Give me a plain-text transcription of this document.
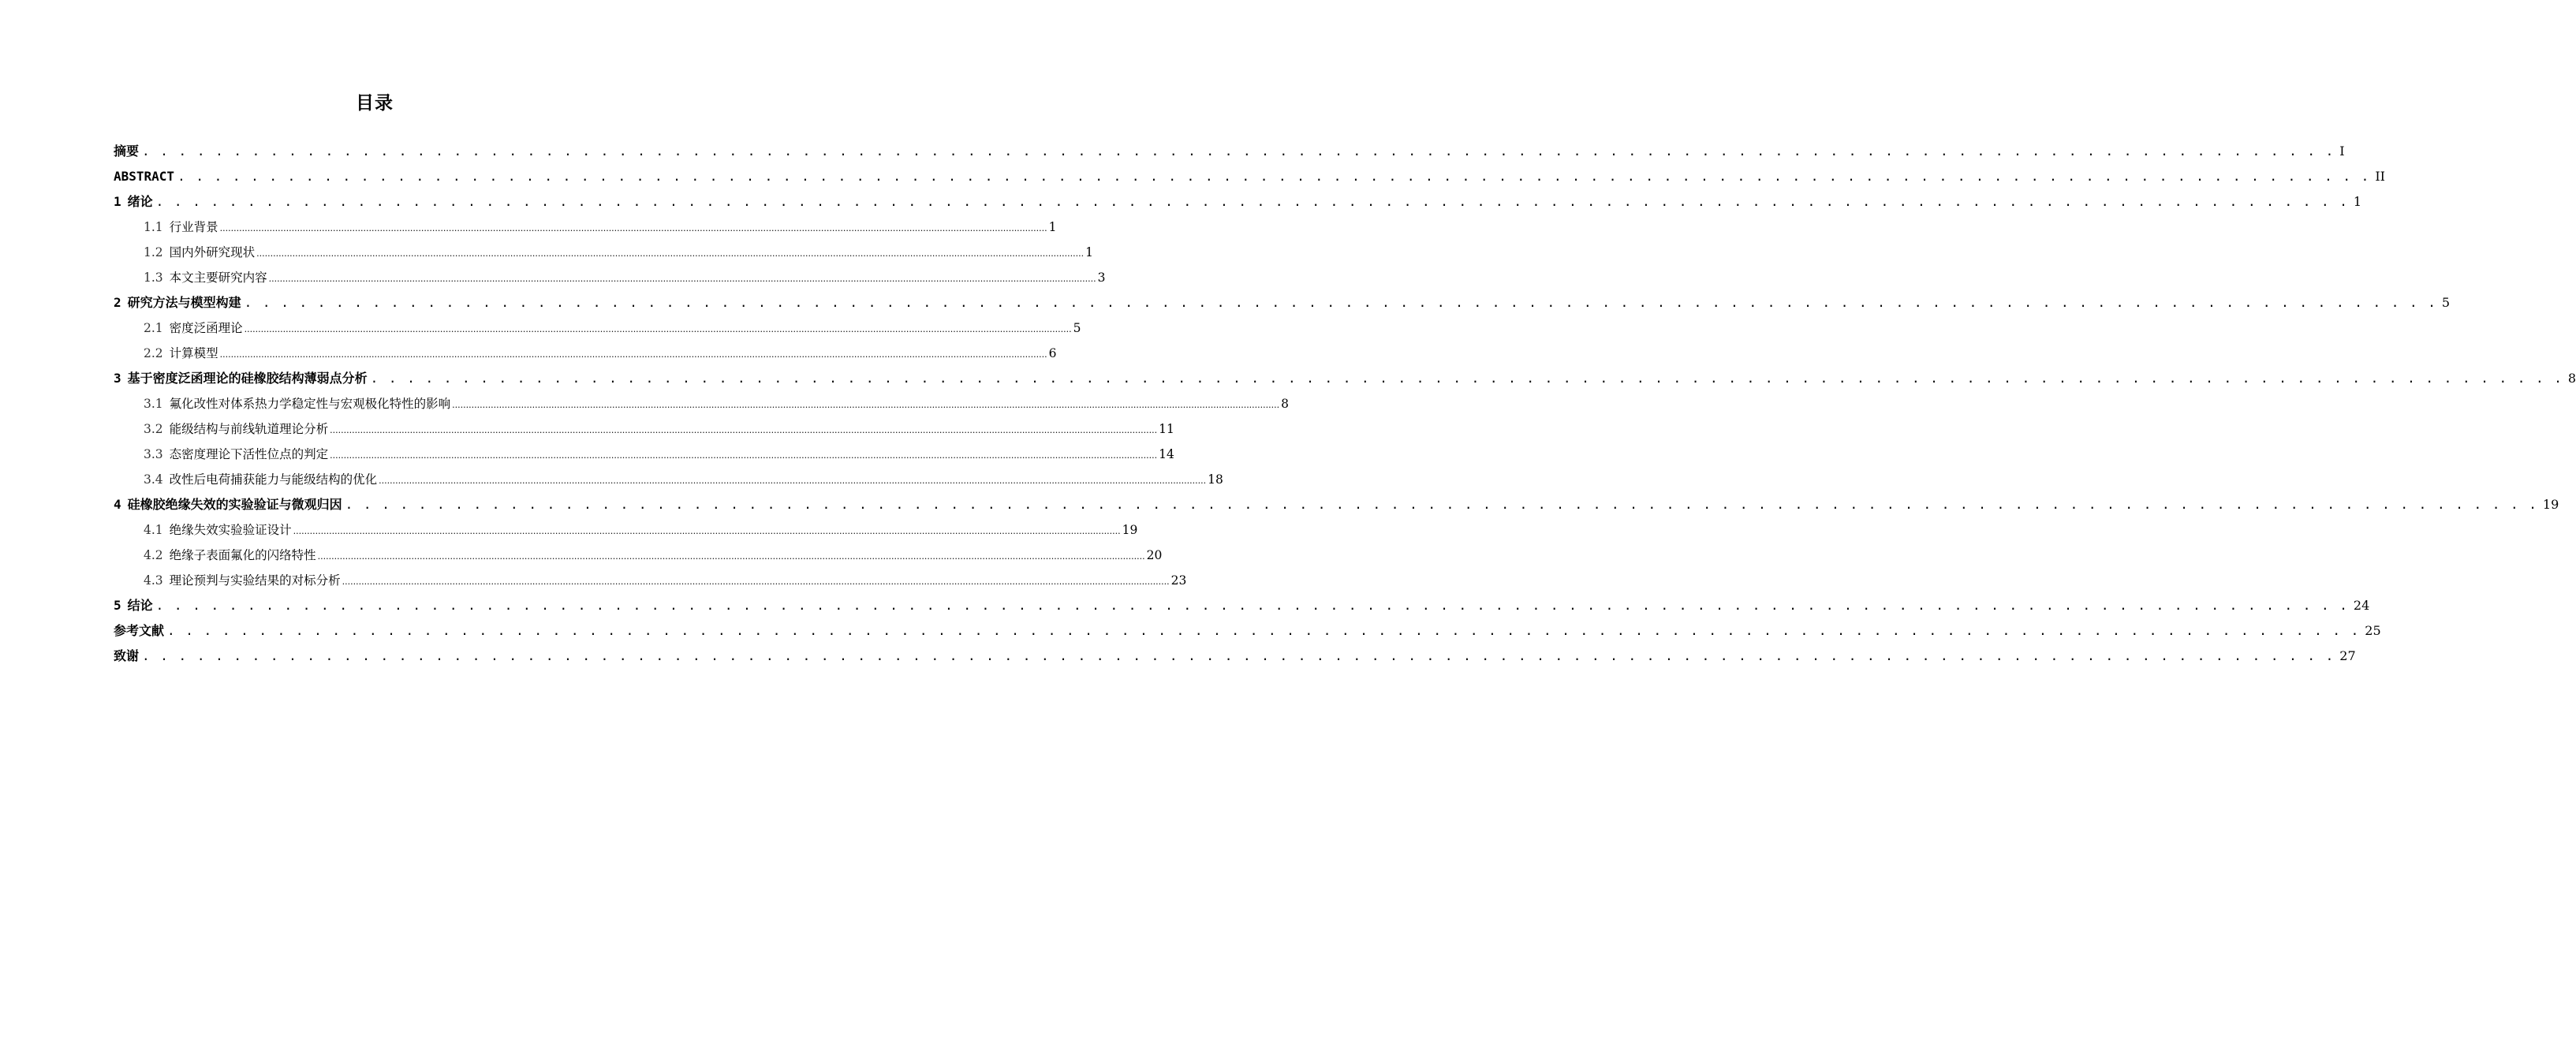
目录
摘要 . . . . . . . . . . . . . . . . . . . . . . . . . . . . . . . . . . . . . . . . . . . . . . . . . . . . . . . . . . . . . . . . . . . . . . . . . . . . . . . . . . . . . . . . . . . . . . . . . . . . . . . . . . . . . . . . . . . . . . . . I
ABSTRACT . . . . . . . . . . . . . . . . . . . . . . . . . . . . . . . . . . . . . . . . . . . . . . . . . . . . . . . . . . . . . . . . . . . . . . . . . . . . . . . . . . . . . . . . . . . . . . . . . . . . . . . . . . . . . . . . . . . . . . . . II
1 绪论 . . . . . . . . . . . . . . . . . . . . . . . . . . . . . . . . . . . . . . . . . . . . . . . . . . . . . . . . . . . . . . . . . . . . . . . . . . . . . . . . . . . . . . . . . . . . . . . . . . . . . . . . . . . . . . . . . . . . . . . . 1
1.1 行业背景 ............................................................................................................................................................................................................................................................................................................ 1
1.2 国内外研究现状 ............................................................................................................................................................................................................................................................................................................ 1
1.3 本文主要研究内容 ............................................................................................................................................................................................................................................................................................................ 3
2 研究方法与模型构建 . . . . . . . . . . . . . . . . . . . . . . . . . . . . . . . . . . . . . . . . . . . . . . . . . . . . . . . . . . . . . . . . . . . . . . . . . . . . . . . . . . . . . . . . . . . . . . . . . . . . . . . . . . . . . . . . . . . . . . . . 5
2.1 密度泛函理论 ............................................................................................................................................................................................................................................................................................................ 5
2.2 计算模型 ............................................................................................................................................................................................................................................................................................................ 6
3 基于密度泛函理论的硅橡胶结构薄弱点分析 . . . . . . . . . . . . . . . . . . . . . . . . . . . . . . . . . . . . . . . . . . . . . . . . . . . . . . . . . . . . . . . . . . . . . . . . . . . . . . . . . . . . . . . . . . . . . . . . . . . . . . . . . . . . . . . . . . . . . . . . 8
3.1 氟化改性对体系热力学稳定性与宏观极化特性的影响 ............................................................................................................................................................................................................................................................................................................ 8
3.2 能级结构与前线轨道理论分析 ............................................................................................................................................................................................................................................................................................................ 11
3.3 态密度理论下活性位点的判定 ............................................................................................................................................................................................................................................................................................................ 14
3.4 改性后电荷捕获能力与能级结构的优化 ............................................................................................................................................................................................................................................................................................................ 18
4 硅橡胶绝缘失效的实验验证与微观归因 . . . . . . . . . . . . . . . . . . . . . . . . . . . . . . . . . . . . . . . . . . . . . . . . . . . . . . . . . . . . . . . . . . . . . . . . . . . . . . . . . . . . . . . . . . . . . . . . . . . . . . . . . . . . . . . . . . . . . . . . 19
4.1 绝缘失效实验验证设计 ............................................................................................................................................................................................................................................................................................................ 19
4.2 绝缘子表面氟化的闪络特性 ............................................................................................................................................................................................................................................................................................................ 20
4.3 理论预判与实验结果的对标分析 ............................................................................................................................................................................................................................................................................................................ 23
5 结论 . . . . . . . . . . . . . . . . . . . . . . . . . . . . . . . . . . . . . . . . . . . . . . . . . . . . . . . . . . . . . . . . . . . . . . . . . . . . . . . . . . . . . . . . . . . . . . . . . . . . . . . . . . . . . . . . . . . . . . . . 24
参考文献 . . . . . . . . . . . . . . . . . . . . . . . . . . . . . . . . . . . . . . . . . . . . . . . . . . . . . . . . . . . . . . . . . . . . . . . . . . . . . . . . . . . . . . . . . . . . . . . . . . . . . . . . . . . . . . . . . . . . . . . . 25
致谢 . . . . . . . . . . . . . . . . . . . . . . . . . . . . . . . . . . . . . . . . . . . . . . . . . . . . . . . . . . . . . . . . . . . . . . . . . . . . . . . . . . . . . . . . . . . . . . . . . . . . . . . . . . . . . . . . . . . . . . . . 27
